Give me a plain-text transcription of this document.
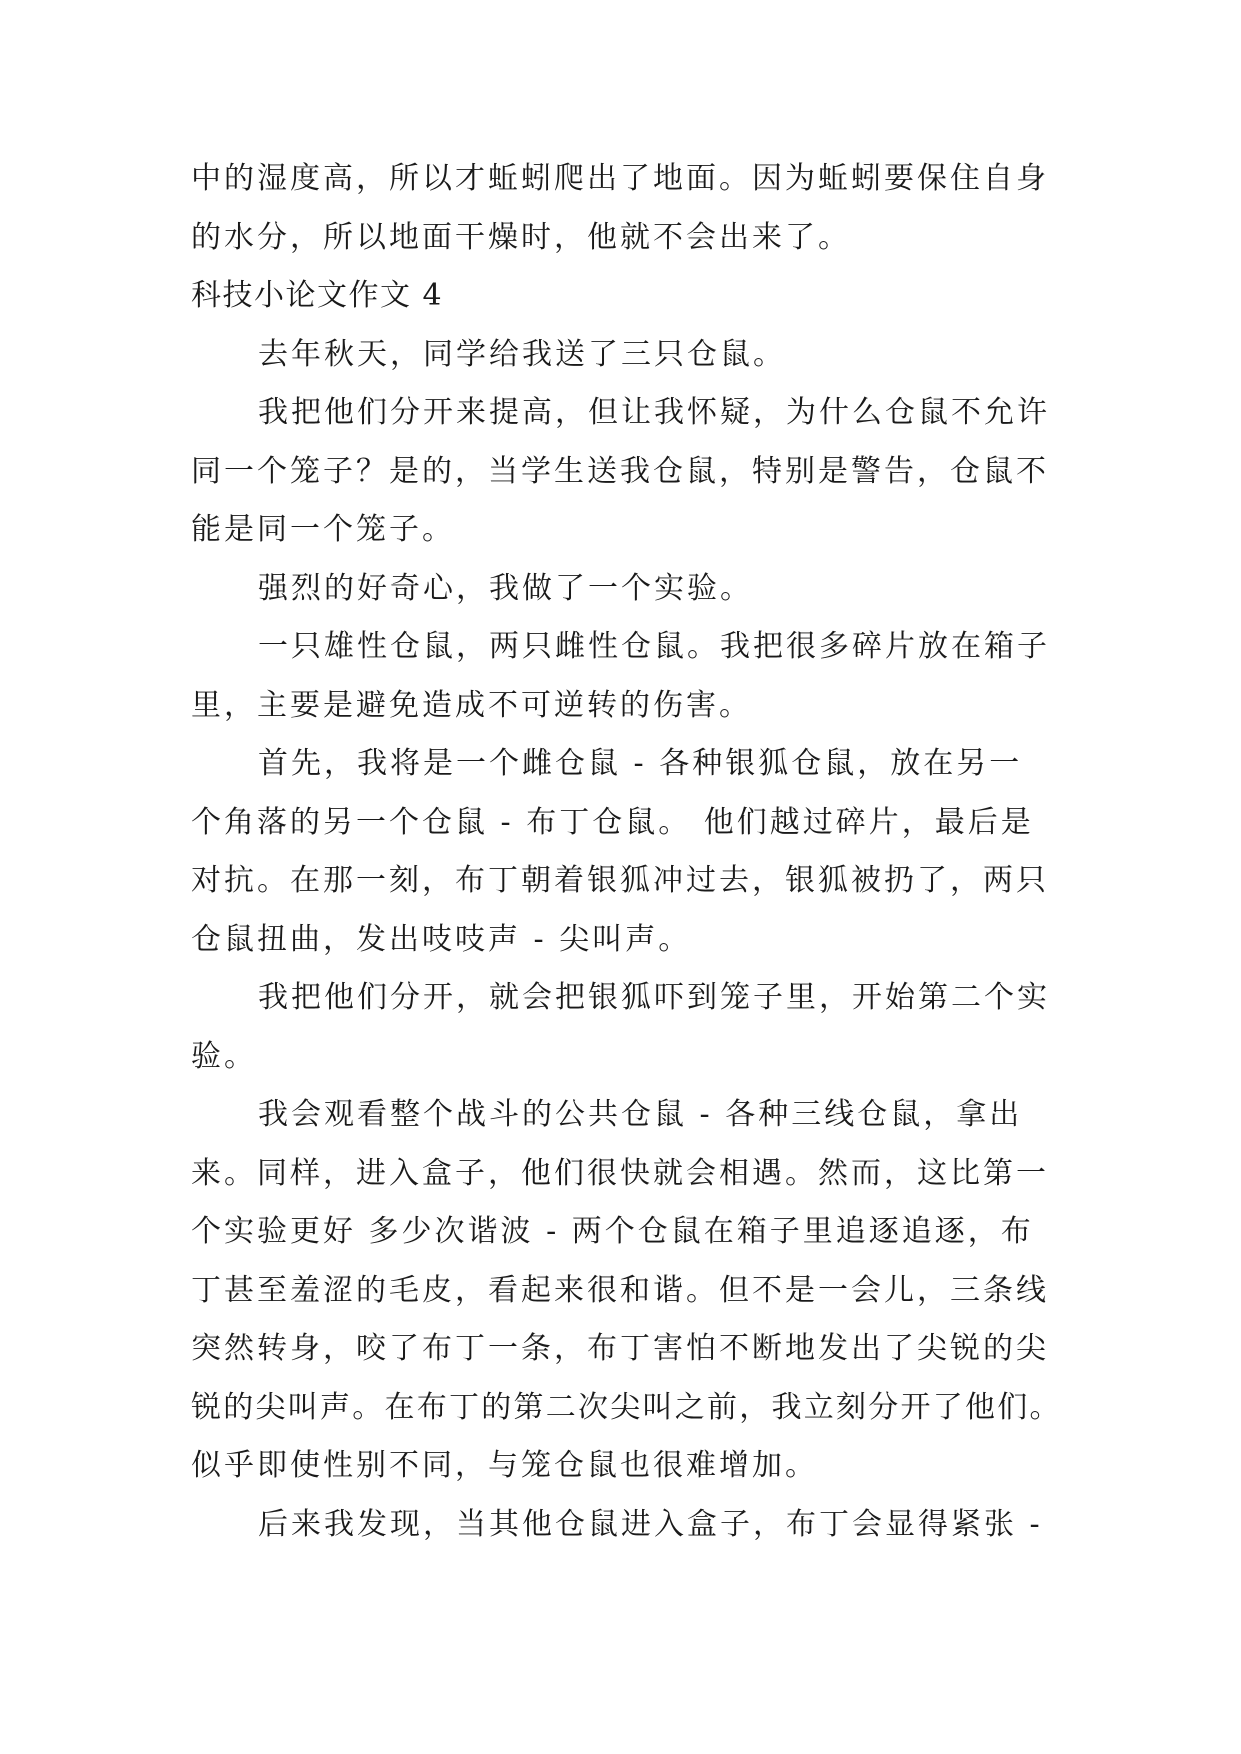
中的湿度高，所以才蚯蚓爬出了地面。因为蚯蚓要保住自身
的水分，所以地面干燥时，他就不会出来了。
科技小论文作文 4
去年秋天，同学给我送了三只仓鼠。
我把他们分开来提高，但让我怀疑，为什么仓鼠不允许
同一个笼子？是的，当学生送我仓鼠，特别是警告，仓鼠不
能是同一个笼子。
强烈的好奇心，我做了一个实验。
一只雄性仓鼠，两只雌性仓鼠。我把很多碎片放在箱子
里，主要是避免造成不可逆转的伤害。
首先，我将是一个雌仓鼠 - 各种银狐仓鼠，放在另一
个角落的另一个仓鼠 - 布丁仓鼠。 他们越过碎片，最后是
对抗。在那一刻，布丁朝着银狐冲过去，银狐被扔了，两只
仓鼠扭曲，发出吱吱声 - 尖叫声。
我把他们分开，就会把银狐吓到笼子里，开始第二个实
验。
我会观看整个战斗的公共仓鼠 - 各种三线仓鼠，拿出
来。同样，进入盒子，他们很快就会相遇。然而，这比第一
个实验更好 多少次谐波 - 两个仓鼠在箱子里追逐追逐，布
丁甚至羞涩的毛皮，看起来很和谐。但不是一会儿，三条线
突然转身，咬了布丁一条，布丁害怕不断地发出了尖锐的尖
锐的尖叫声。在布丁的第二次尖叫之前，我立刻分开了他们。
似乎即使性别不同，与笼仓鼠也很难增加。
后来我发现，当其他仓鼠进入盒子，布丁会显得紧张 -
